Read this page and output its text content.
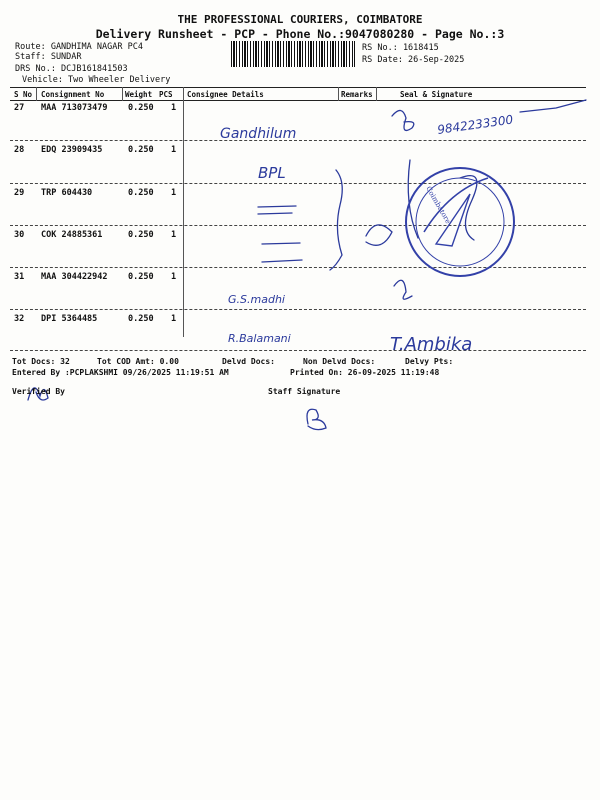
THE PROFESSIONAL COURIERS, COIMBATORE
Delivery Runsheet - PCP - Phone No.:9047080280 - Page No.:3
Route: GANDHIMA NAGAR PC4
Staff: SUNDAR
DRS No.: DCJB161841503
Vehicle: Two Wheeler Delivery
RS No.: 1618415
RS Date: 26-Sep-2025
S No Consignment No	Weight PCS Consignee Details	Remarks	Seal & Signature
27 MAA 713073479 0.250 1
28 EDQ 23909435	0.250 1
29 TRP 604430	0.250 1
30 COK 24885361	0.250 1
31 MAA 304422942 0.250 1
32 DPI 5364485	0.250 1
Coimbatore
Gandhilum
BPL
G.S.madhi
R.Balamani
9842233300
T.Ambika
Tot Docs: 32	Tot COD Amt: 0.00	Delvd Docs:	Non Delvd Docs:	Delvy Pts:
Entered By :PCPLAKSHMI 09/26/2025 11:19:51 AM	Printed On: 26-09-2025 11:19:48
Verified By	Staff Signature
